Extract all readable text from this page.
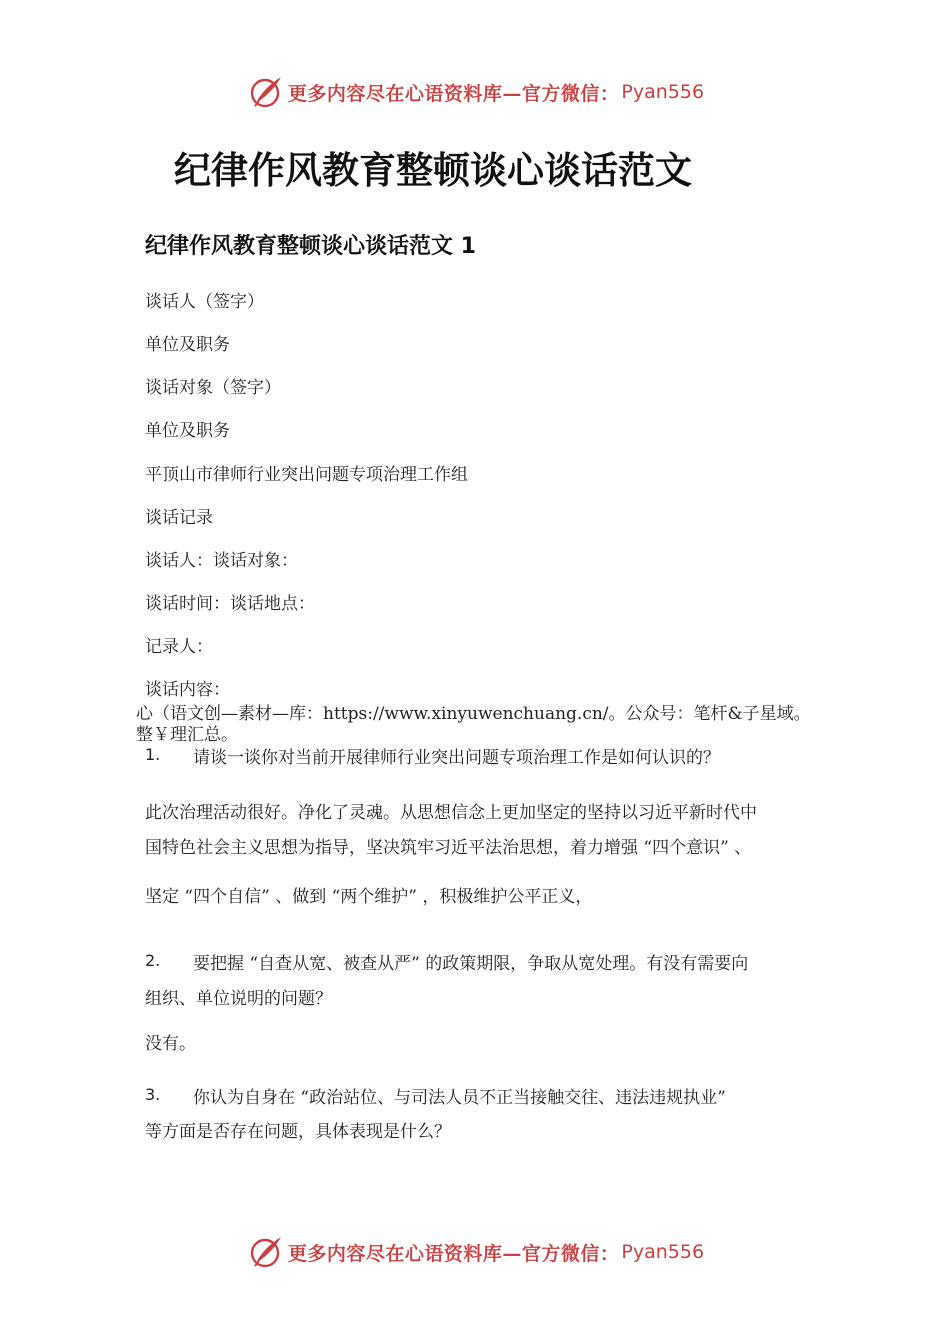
更多内容尽在心语资料库—官方微信： Pyan556
纪律作风教育整顿谈心谈话范文
纪律作风教育整顿谈心谈话范文 1

谈话人（签字）

单位及职务

谈话对象（签字）

单位及职务

平顶山市律师行业突出问题专项治理工作组

谈话记录

谈话人：谈话对象：

谈话时间：谈话地点：

记录人：

谈话内容：

心（语文创—素材—库：https://www.xinyuwenchuang.cn/。公众号：笔杆&子星域。

整￥理汇总。

1. 请谈一谈你对当前开展律师行业突出问题专项治理工作是如何认识的？

此次治理活动很好。净化了灵魂。从思想信念上更加坚定的坚持以习近平新时代中

国特色社会主义思想为指导，坚决筑牢习近平法治思想，着力增强 “四个意识” 、

坚定 “四个自信” 、做到 “两个维护” ，积极维护公平正义，

2. 要把握 “自查从宽、被查从严” 的政策期限，争取从宽处理。有没有需要向

组织、单位说明的问题？

没有。

3. 你认为自身在 “政治站位、与司法人员不正当接触交往、违法违规执业”

等方面是否存在问题，具体表现是什么？

更多内容尽在心语资料库—官方微信： Pyan556
